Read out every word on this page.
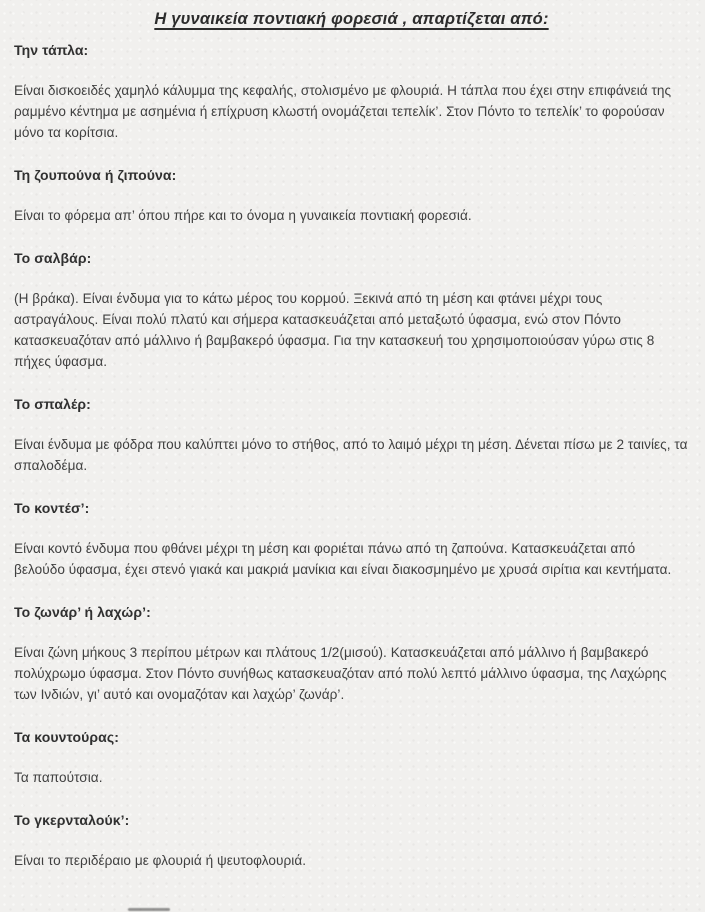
Η γυναικεία ποντιακή φορεσιά , απαρτίζεται από:
Την τάπλα:

Είναι δισκοειδές χαμηλό κάλυμμα της κεφαλής, στολισμένο με φλουριά. Η τάπλα που έχει στην επιφάνειά της ραμμένο κέντημα με ασημένια ή επίχρυση κλωστή ονομάζεται τεπελίκ’. Στον Πόντο το τεπελίκ’ το φορούσαν μόνο τα κορίτσια.

Τη ζουπούνα ή ζιπούνα:

Είναι το φόρεμα απ’ όπου πήρε και το όνομα η γυναικεία ποντιακή φορεσιά.

Το σαλβάρ:

(Η βράκα). Είναι ένδυμα για το κάτω μέρος του κορμού. Ξεκινά από τη μέση και φτάνει μέχρι τους αστραγάλους. Είναι πολύ πλατύ και σήμερα κατασκευάζεται από μεταξωτό ύφασμα, ενώ στον Πόντο κατασκευαζόταν από μάλλινο ή βαμβακερό ύφασμα. Για την κατασκευή του χρησιμοποιούσαν γύρω στις 8 πήχες ύφασμα.

Το σπαλέρ:

Είναι ένδυμα με φόδρα που καλύπτει μόνο το στήθος, από το λαιμό μέχρι τη μέση. Δένεται πίσω με 2 ταινίες, τα σπαλοδέμα.

Το κοντέσ’:

Είναι κοντό ένδυμα που φθάνει μέχρι τη μέση και φοριέται πάνω από τη ζαπούνα. Κατασκευάζεται από βελούδο ύφασμα, έχει στενό γιακά και μακριά μανίκια και είναι διακοσμημένο με χρυσά σιρίτια και κεντήματα.

Το ζωνάρ’ ή λαχώρ’:

Είναι ζώνη μήκους 3 περίπου μέτρων και πλάτους 1/2(μισού). Κατασκευάζεται από μάλλινο ή βαμβακερό πολύχρωμο ύφασμα. Στον Πόντο συνήθως κατασκευαζόταν από πολύ λεπτό μάλλινο ύφασμα, της Λαχώρης των Ινδιών, γι’ αυτό και ονομαζόταν και λαχώρ’ ζωνάρ’.

Τα κουντούρας:

Τα παπούτσια.

Το γκερνταλούκ’:

Είναι το περιδέραιο με φλουριά ή ψευτοφλουριά.
